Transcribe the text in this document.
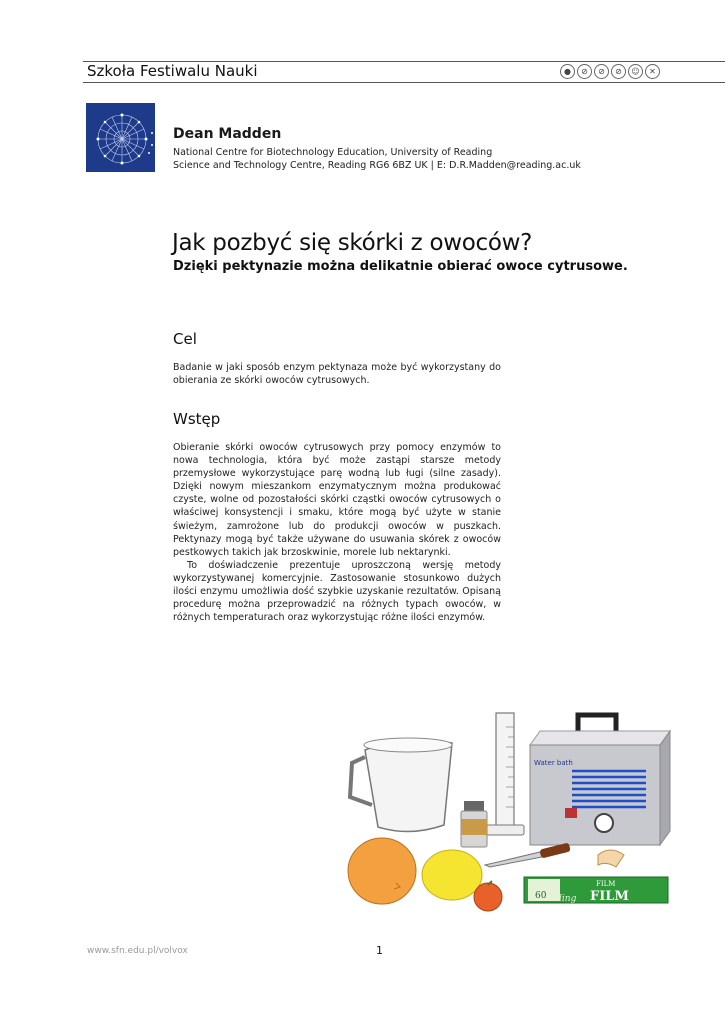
Szkoła Festiwalu Nauki	●	⊘	⊘	⊘	☺	✕
Dean Madden
National Centre for Biotechnology Education, University of Reading
Science and Technology Centre, Reading RG6 6BZ UK | E: D.R.Madden@reading.ac.uk
Jak pozbyć się skórki z owoców?
Dzięki pektynazie można delikatnie obierać owoce cytrusowe.
Cel

Badanie w jaki sposób enzym pektynaza może być wykorzystany do obierania ze skórki owoców cytrusowych.

Wstęp

Obieranie skórki owoców cytrusowych przy pomocy enzymów to nowa technologia, która być może zastąpi starsze metody przemysłowe wykorzystujące parę wodną lub ługi (silne zasady). Dzięki nowym mieszankom enzymatycznym można produkować czyste, wolne od pozostałości skórki cząstki owoców cytrusowych o właściwej konsystencji i smaku, które mogą być użyte w stanie świeżym, zamrożone lub do produkcji owoców w puszkach. Pektynazy mogą być także używane do usuwania skórek z owoców pestkowych takich jak brzoskwinie, morele lub nektarynki.

To doświadczenie prezentuje uproszczoną wersję metody wykorzystywanej komercyjnie. Zastosowanie stosunkowo dużych ilości enzymu umożliwia dość szybkie uzyskanie rezultatów. Opisaną procedurę można przeprowadzić na różnych typach owoców, w różnych temperaturach oraz wykorzystując różne ilości enzymów.

Water bath
60 cling
FILM
FILM
www.sfn.edu.pl/volvox	1
